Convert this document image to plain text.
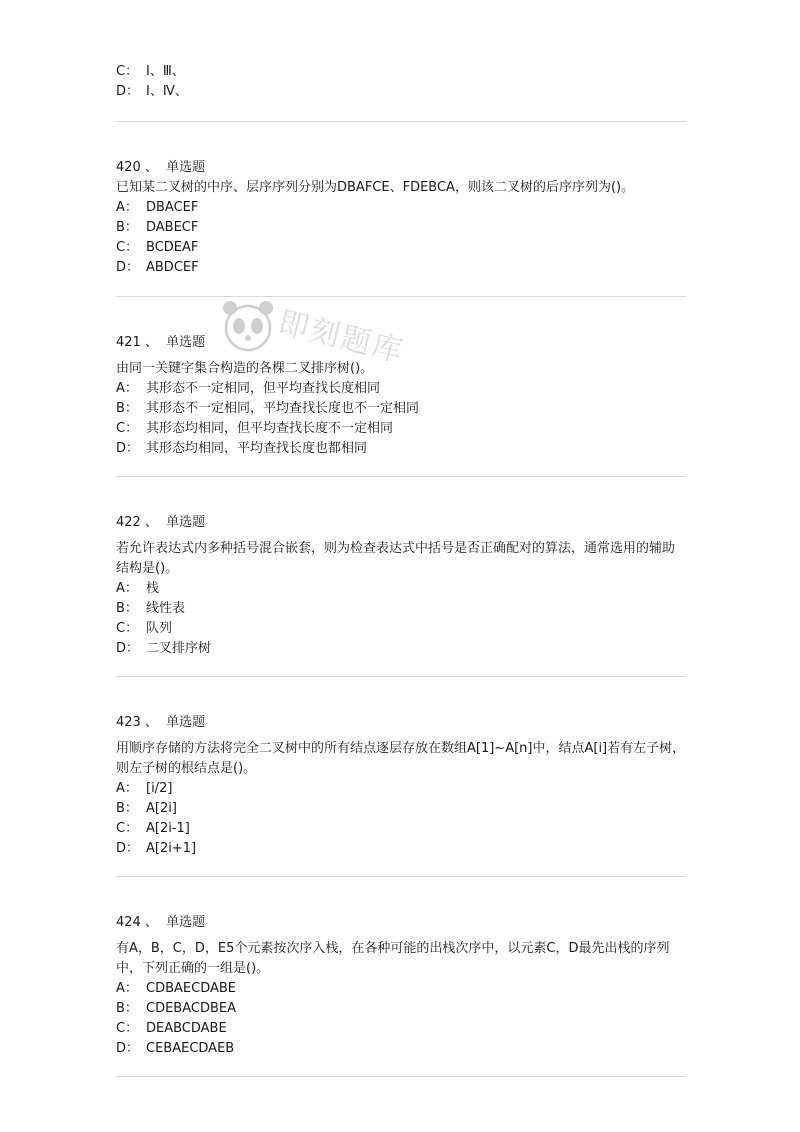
C： Ⅰ、Ⅲ、
D： Ⅰ、Ⅳ、
420 、 单选题
已知某二叉树的中序、层序序列分别为DBAFCE、FDEBCA，则该二叉树的后序序列为()。
A： DBACEF
B： DABECF
C： BCDEAF
D： ABDCEF
421 、 单选题
由同一关键字集合构造的各棵二叉排序树()。
A： 其形态不一定相同，但平均查找长度相同
B： 其形态不一定相同，平均查找长度也不一定相同
C： 其形态均相同，但平均查找长度不一定相同
D： 其形态均相同，平均查找长度也都相同
422 、 单选题
若允许表达式内多种括号混合嵌套，则为检查表达式中括号是否正确配对的算法，通常选用的辅助结构是()。
A： 栈
B： 线性表
C： 队列
D： 二叉排序树
423 、 单选题
用顺序存储的方法将完全二叉树中的所有结点逐层存放在数组A[1]~A[n]中，结点A[i]若有左子树，则左子树的根结点是()。
A： [i/2]
B： A[2i]
C： A[2i-1]
D： A[2i+1]
424 、 单选题
有A，B，C，D，E5个元素按次序入栈，在各种可能的出栈次序中，以元素C，D最先出栈的序列中，下列正确的一组是()。
A： CDBAECDABE
B： CDEBACDBEA
C： DEABCDABE
D： CEBAECDAEB
即刻题库
